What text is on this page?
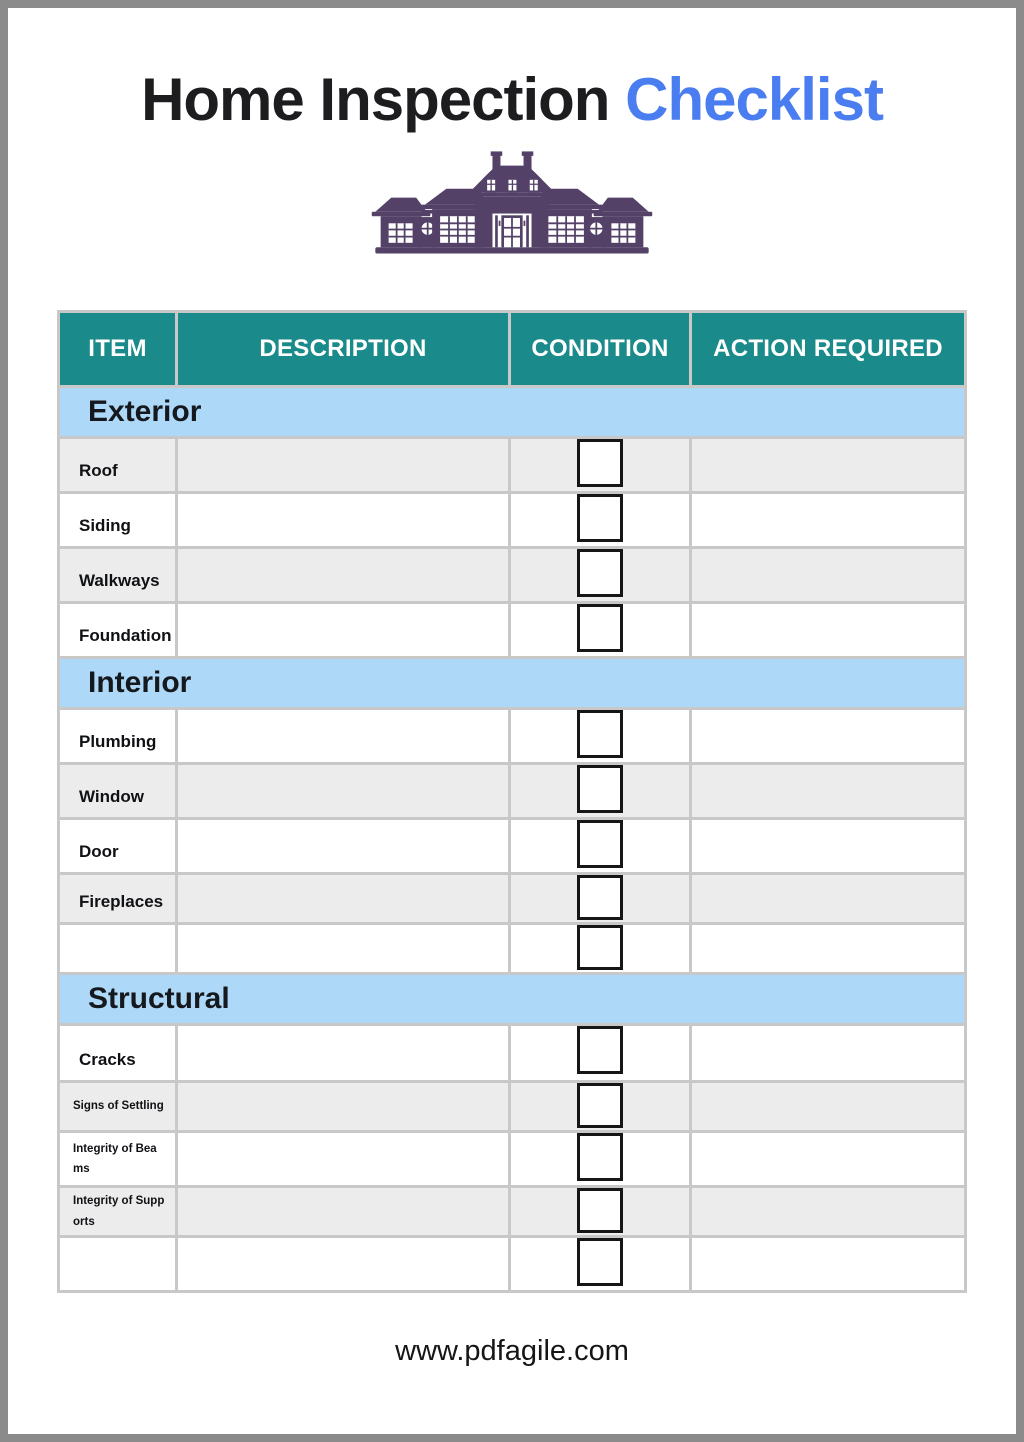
Home Inspection Checklist
ITEM	DESCRIPTION	CONDITION	ACTION REQUIRED
Exterior
Roof
Siding
Walkways
Foundation
Interior
Plumbing
Window
Door
Fireplaces
Structural
Cracks
Signs of Settling
Integrity of Beams
Integrity of Supports
www.pdfagile.com
